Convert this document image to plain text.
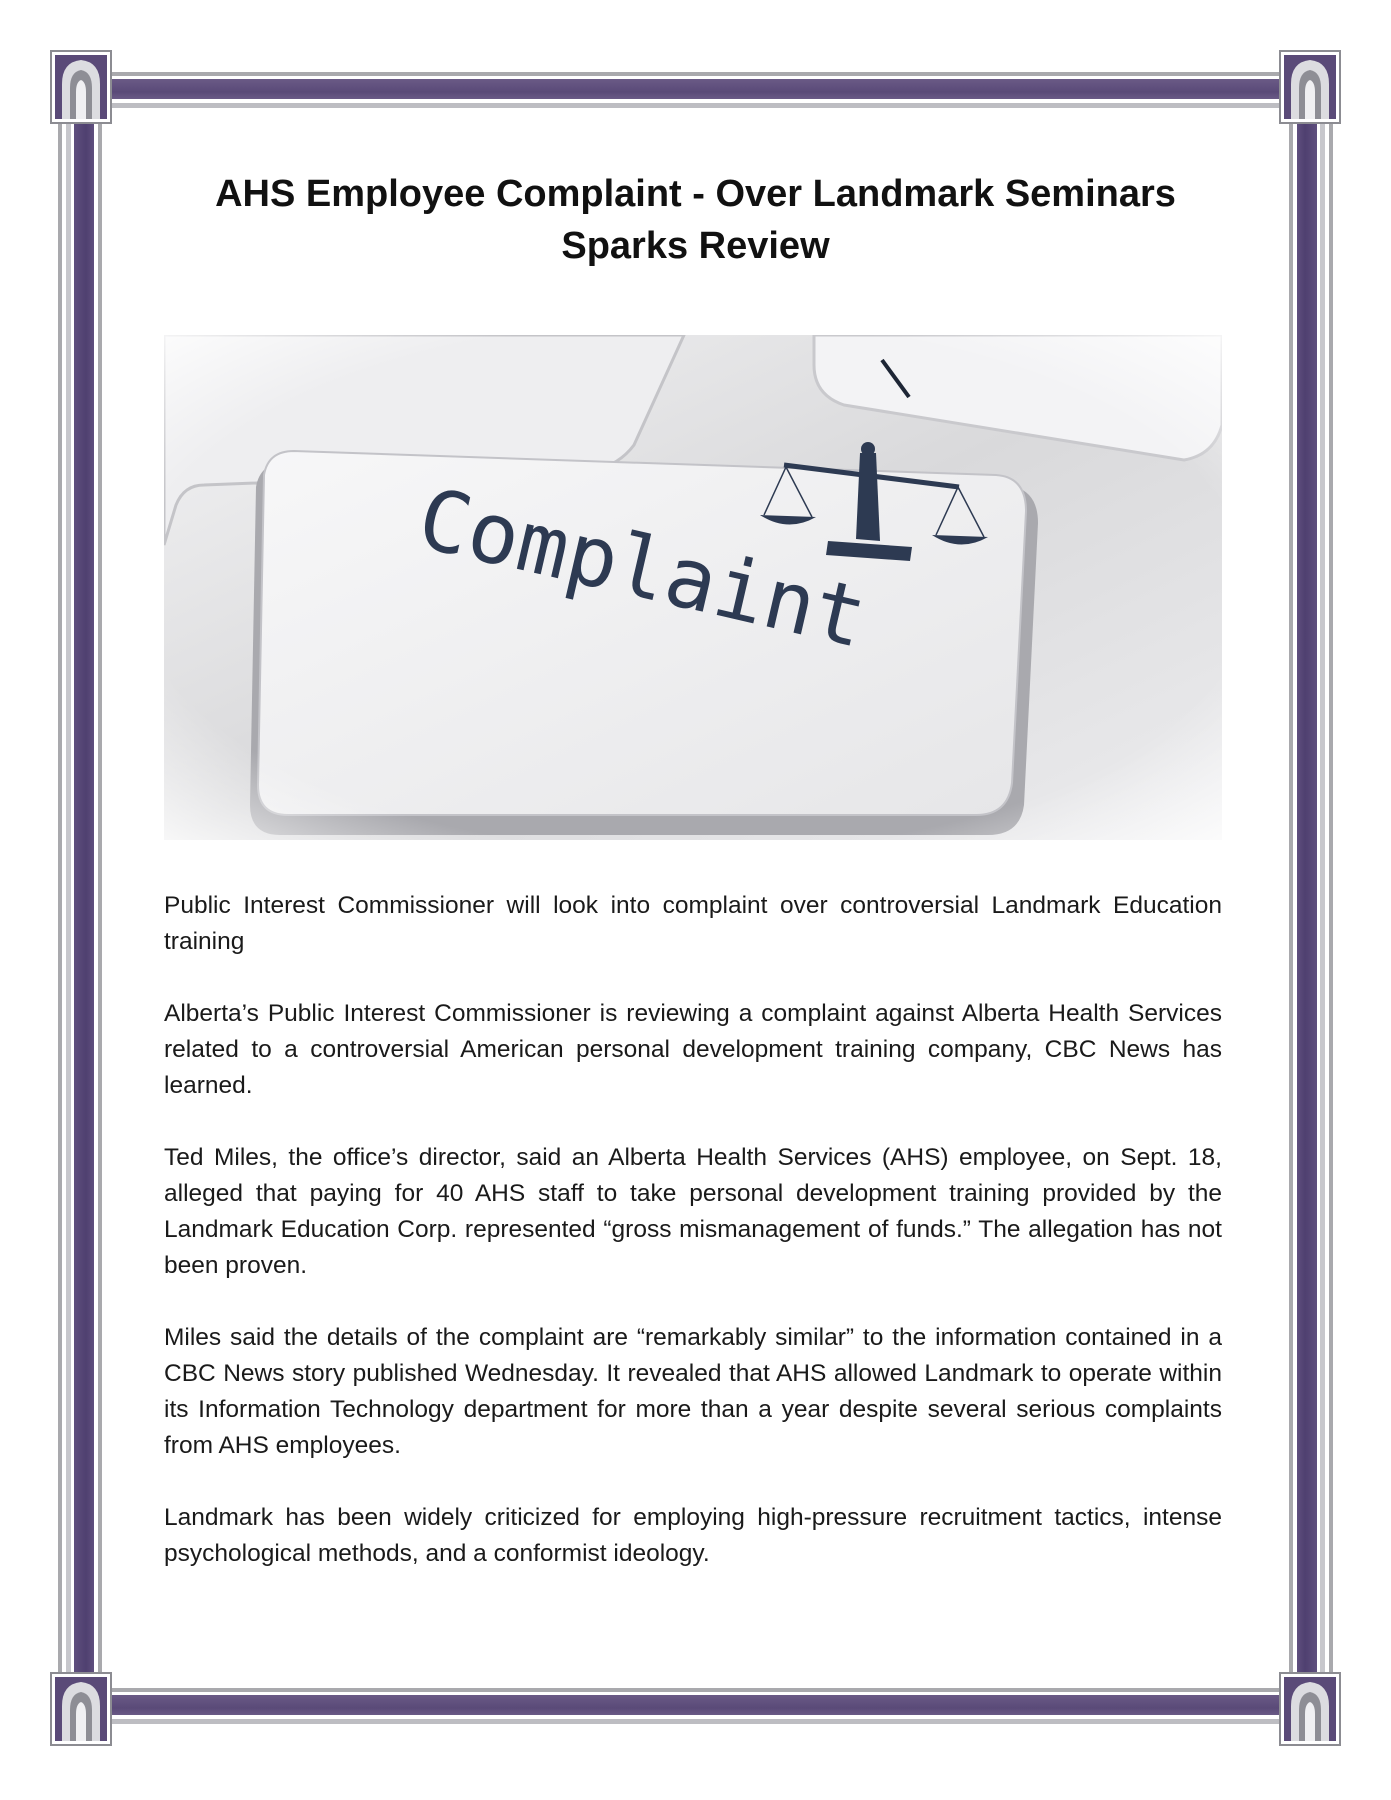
AHS Employee Complaint - Over Landmark Seminars
Sparks Review

Public Interest Commissioner will look into complaint over controversial Landmark Education training

Alberta’s Public Interest Commissioner is reviewing a complaint against Alberta Health Services related to a controversial American personal development training company, CBC News has learned.

Ted Miles, the office’s director, said an Alberta Health Services (AHS) employee, on Sept. 18, alleged that paying for 40 AHS staff to take personal development training provided by the Landmark Education Corp. represented “gross mismanagement of funds.” The allegation has not been proven.

Miles said the details of the complaint are “remarkably similar” to the information contained in a CBC News story published Wednesday. It revealed that AHS allowed Landmark to operate within its Information Technology department for more than a year despite several serious complaints from AHS employees.

Landmark has been widely criticized for employing high-pressure recruitment tactics, intense psychological methods, and a conformist ideology.
